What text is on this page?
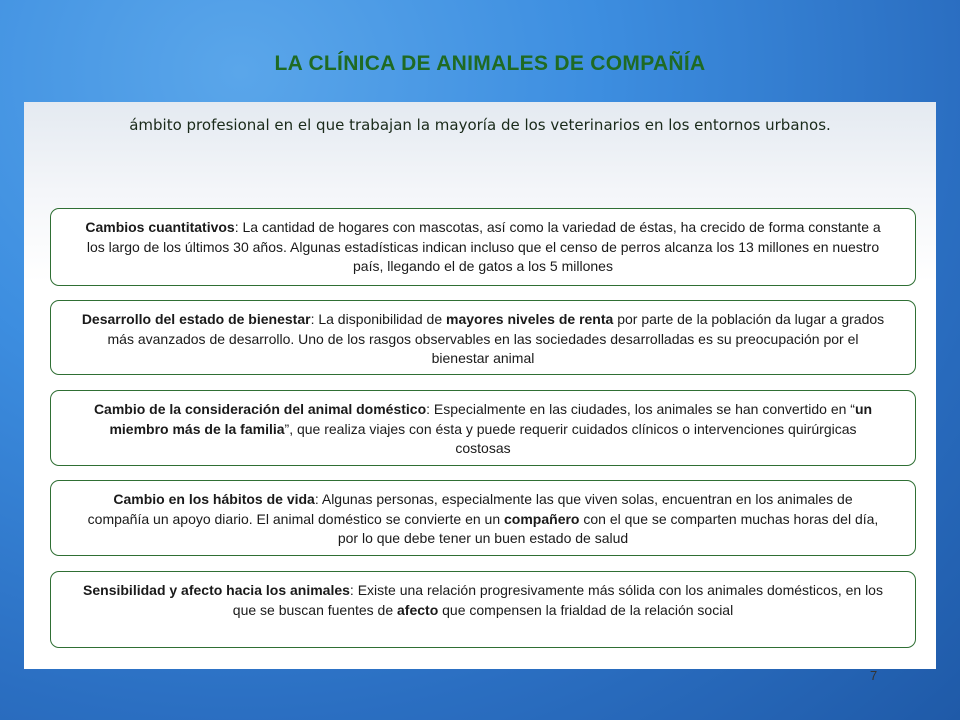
LA CLÍNICA DE ANIMALES DE COMPAÑÍA
ámbito profesional en el que trabajan la mayoría de los veterinarios en los entornos urbanos.
Cambios cuantitativos: La cantidad de hogares con mascotas, así como la variedad de éstas, ha crecido de forma constante a los largo de los últimos 30 años. Algunas estadísticas indican incluso que el censo de perros alcanza los 13 millones en nuestro país, llegando el de gatos a los 5 millones
Desarrollo del estado de bienestar: La disponibilidad de mayores niveles de renta por parte de la población da lugar a grados más avanzados de desarrollo. Uno de los rasgos observables en las sociedades desarrolladas es su preocupación por el bienestar animal
Cambio de la consideración del animal doméstico: Especialmente en las ciudades, los animales se han convertido en “un miembro más de la familia”, que realiza viajes con ésta y puede requerir cuidados clínicos o intervenciones quirúrgicas costosas
Cambio en los hábitos de vida: Algunas personas, especialmente las que viven solas, encuentran en los animales de compañía un apoyo diario. El animal doméstico se convierte en un compañero con el que se comparten muchas horas del día, por lo que debe tener un buen estado de salud
Sensibilidad y afecto hacia los animales: Existe una relación progresivamente más sólida con los animales domésticos, en los que se buscan fuentes de afecto que compensen la frialdad de la relación social
7
